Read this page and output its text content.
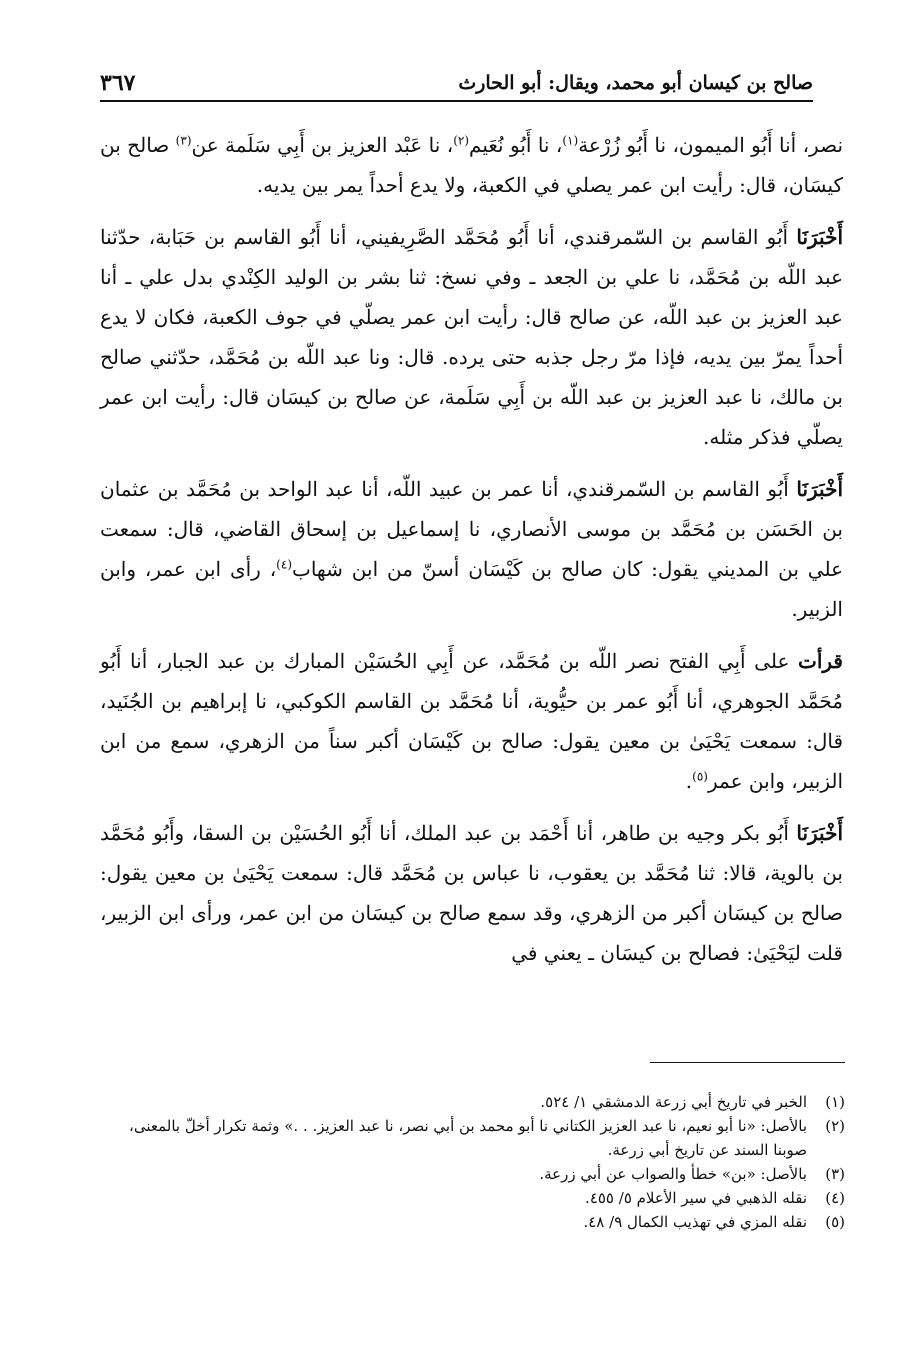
صالح بن كيسان أبو محمد، ويقال: أبو الحارث
٣٦٧

نصر، أنا أَبُو الميمون، نا أَبُو زُرْعة$^{(١)}$، نا أَبُو نُعَيم$^{(٢)}$، نا عَبْد العزيز بن أَبِي سَلَمة عن$^{(٣)}$ صالح بن كيسَان، قال: رأيت ابن عمر يصلي في الكعبة، ولا يدع أحداً يمر بين يديه.

أَخْبَرَنَا أَبُو القاسم بن السّمرقندي، أنا أَبُو مُحَمَّد الصَّرِيفيني، أنا أَبُو القاسم بن حَبَابة، حدّثنا عبد اللّه بن مُحَمَّد، نا علي بن الجعد ـ وفي نسخ: ثنا بشر بن الوليد الكِنْدي بدل علي ـ أنا عبد العزيز بن عبد اللّه، عن صالح قال: رأيت ابن عمر يصلّي في جوف الكعبة، فكان لا يدع أحداً يمرّ بين يديه، فإذا مرّ رجل جذبه حتى يرده. قال: ونا عبد اللّه بن مُحَمَّد، حدّثني صالح بن مالك، نا عبد العزيز بن عبد اللّه بن أَبِي سَلَمة، عن صالح بن كيسَان قال: رأيت ابن عمر يصلّي فذكر مثله.

أَخْبَرَنَا أَبُو القاسم بن السّمرقندي، أنا عمر بن عبيد اللّه، أنا عبد الواحد بن مُحَمَّد بن عثمان بن الحَسَن بن مُحَمَّد بن موسى الأنصاري، نا إسماعيل بن إسحاق القاضي، قال: سمعت علي بن المديني يقول: كان صالح بن كَيْسَان أسنّ من ابن شهاب$^{(٤)}$، رأى ابن عمر، وابن الزبير.

قرأت على أَبِي الفتح نصر اللّه بن مُحَمَّد، عن أَبِي الحُسَيْن المبارك بن عبد الجبار، أنا أَبُو مُحَمَّد الجوهري، أنا أَبُو عمر بن حيُّوية، أنا مُحَمَّد بن القاسم الكوكبي، نا إبراهيم بن الجُنَيد، قال: سمعت يَحْيَىٰ بن معين يقول: صالح بن كَيْسَان أكبر سناً من الزهري، سمع من ابن الزبير، وابن عمر$^{(٥)}$.

أَخْبَرَنَا أَبُو بكر وجيه بن طاهر، أنا أَحْمَد بن عبد الملك، أنا أَبُو الحُسَيْن بن السقا، وأَبُو مُحَمَّد بن بالوية، قالا: ثنا مُحَمَّد بن يعقوب، نا عباس بن مُحَمَّد قال: سمعت يَحْيَىٰ بن معين يقول: صالح بن كيسَان أكبر من الزهري، وقد سمع صالح بن كيسَان من ابن عمر، ورأى ابن الزبير، قلت ليَحْيَىٰ: فصالح بن كيسَان ـ يعني في

(١)
الخبر في تاريخ أبي زرعة الدمشقي ١/ ٥٢٤.
(٢)
بالأصل: «نا أبو نعيم، نا عبد العزيز الكتاني نا أبو محمد بن أبي نصر، نا عبد العزيز. . .» وثمة تكرار أخلّ بالمعنى، صوبنا السند عن تاريخ أبي زرعة.
(٣)
بالأصل: «بن» خطأ والصواب عن أبي زرعة.
(٤)
نقله الذهبي في سير الأعلام ٥/ ٤٥٥.
(٥)
نقله المزي في تهذيب الكمال ٩/ ٤٨.
